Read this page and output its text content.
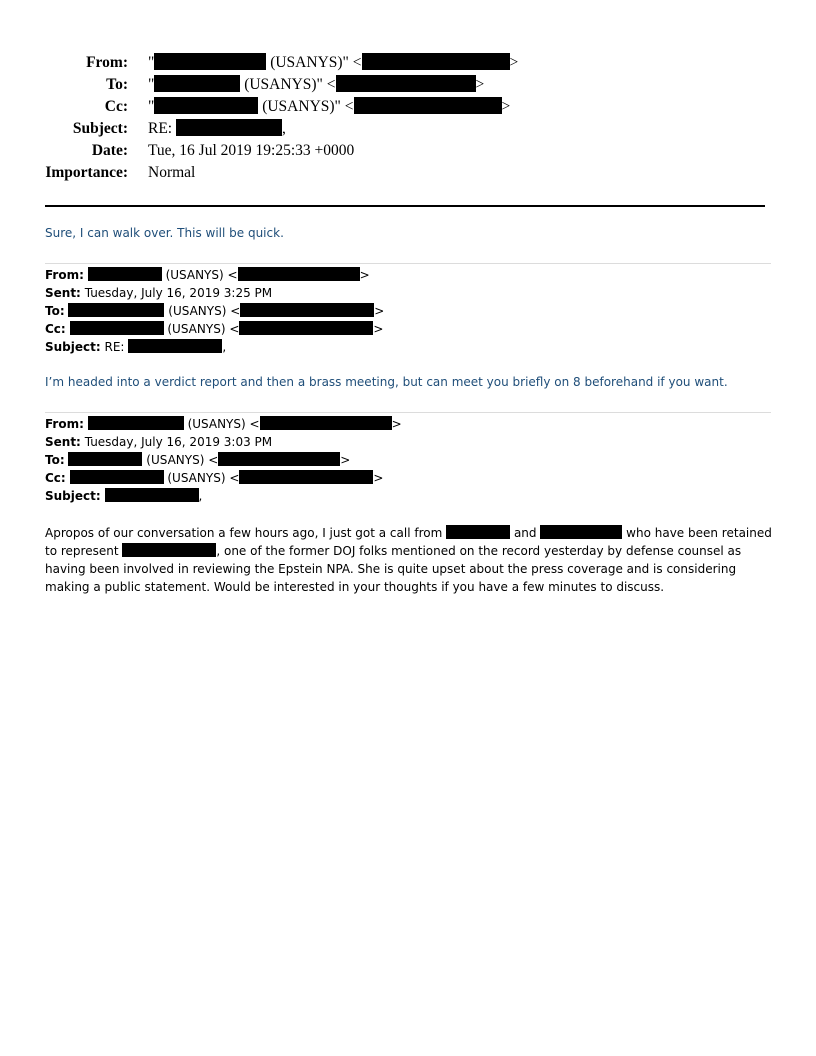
From: "	(USANYS)" <	>
To: "	(USANYS)" <	>
Cc: "	(USANYS)" <	>
Subject: RE:	,
Date: Tue, 16 Jul 2019 19:25:33 +0000
Importance: Normal
Sure, I can walk over. This will be quick.
From:	(USANYS) <	>
Sent: Tuesday, July 16, 2019 3:25 PM
To:	(USANYS) <	>
Cc:	(USANYS) <	>
Subject: RE:	,
I’m headed into a verdict report and then a brass meeting, but can meet you briefly on 8 beforehand if you want.
From:	(USANYS) <	>
Sent: Tuesday, July 16, 2019 3:03 PM
To:	(USANYS) <	>
Cc:	(USANYS) <	>
Subject:	,
Apropos of our conversation a few hours ago, I just got a call from	and	who have been retained to represent	, one of the former DOJ folks mentioned on the record yesterday by defense counsel as having been involved in reviewing the Epstein NPA. She is quite upset about the press coverage and is considering making a public statement. Would be interested in your thoughts if you have a few minutes to discuss.
